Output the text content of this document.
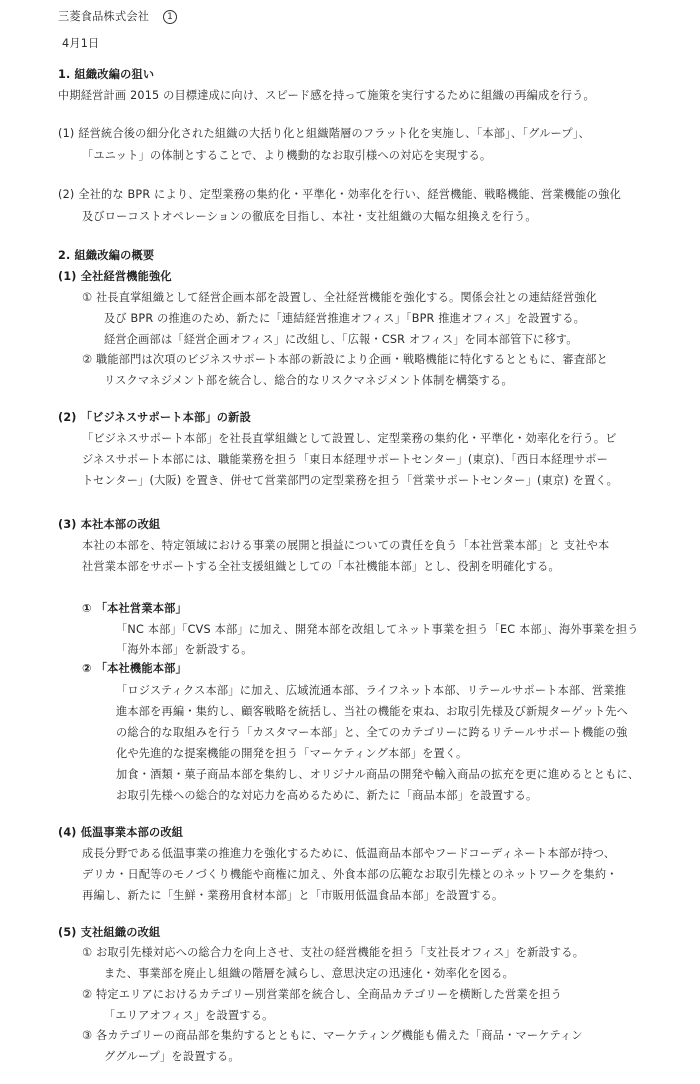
三菱食品株式会社 1
4月1日
1. 組織改編の狙い
中期経営計画 2015 の目標達成に向け、スピード感を持って施策を実行するために組織の再編成を行う。
(1) 経営統合後の細分化された組織の大括り化と組織階層のフラット化を実施し、「本部」、「グループ」、
「ユニット」の体制とすることで、より機動的なお取引様への対応を実現する。
(2) 全社的な BPR により、定型業務の集約化・平準化・効率化を行い、経営機能、戦略機能、営業機能の強化
及びローコストオペレーションの徹底を目指し、本社・支社組織の大幅な組換えを行う。
2. 組織改編の概要
(1) 全社経営機能強化
① 社長直掌組織として経営企画本部を設置し、全社経営機能を強化する。関係会社との連結経営強化
及び BPR の推進のため、新たに「連結経営推進オフィス」「BPR 推進オフィス」を設置する。
経営企画部は「経営企画オフィス」に改組し、「広報・CSR オフィス」を同本部管下に移す。
② 職能部門は次項のビジネスサポート本部の新設により企画・戦略機能に特化するとともに、審査部と
リスクマネジメント部を統合し、総合的なリスクマネジメント体制を構築する。
(2) 「ビジネスサポート本部」の新設
「ビジネスサポート本部」を社長直掌組織として設置し、定型業務の集約化・平準化・効率化を行う。ビ
ジネスサポート本部には、職能業務を担う「東日本経理サポートセンター」(東京)、「西日本経理サポー
トセンター」(大阪) を置き、併せて営業部門の定型業務を担う「営業サポートセンター」(東京) を置く。
(3) 本社本部の改組
本社の本部を、特定領域における事業の展開と損益についての責任を負う「本社営業本部」と 支社や本
社営業本部をサポートする全社支援組織としての「本社機能本部」とし、役割を明確化する。
① 「本社営業本部」
「NC 本部」「CVS 本部」に加え、開発本部を改組してネット事業を担う「EC 本部」、海外事業を担う
「海外本部」を新設する。
② 「本社機能本部」
「ロジスティクス本部」に加え、広域流通本部、ライフネット本部、リテールサポート本部、営業推
進本部を再編・集約し、顧客戦略を統括し、当社の機能を束ね、お取引先様及び新規ターゲット先へ
の総合的な取組みを行う「カスタマー本部」と、全てのカテゴリーに跨るリテールサポート機能の強
化や先進的な提案機能の開発を担う「マーケティング本部」を置く。
加食・酒類・菓子商品本部を集約し、オリジナル商品の開発や輸入商品の拡充を更に進めるとともに、
お取引先様への総合的な対応力を高めるために、新たに「商品本部」を設置する。
(4) 低温事業本部の改組
成長分野である低温事業の推進力を強化するために、低温商品本部やフードコーディネート本部が持つ、
デリカ・日配等のモノづくり機能や商権に加え、外食本部の広範なお取引先様とのネットワークを集約・
再編し、新たに「生鮮・業務用食材本部」と「市販用低温食品本部」を設置する。
(5) 支社組織の改組
① お取引先様対応への総合力を向上させ、支社の経営機能を担う「支社長オフィス」を新設する。
また、事業部を廃止し組織の階層を減らし、意思決定の迅速化・効率化を図る。
② 特定エリアにおけるカテゴリー別営業部を統合し、全商品カテゴリーを横断した営業を担う
「エリアオフィス」を設置する。
③ 各カテゴリーの商品部を集約するとともに、マーケティング機能も備えた「商品・マーケティン
ググループ」を設置する。
